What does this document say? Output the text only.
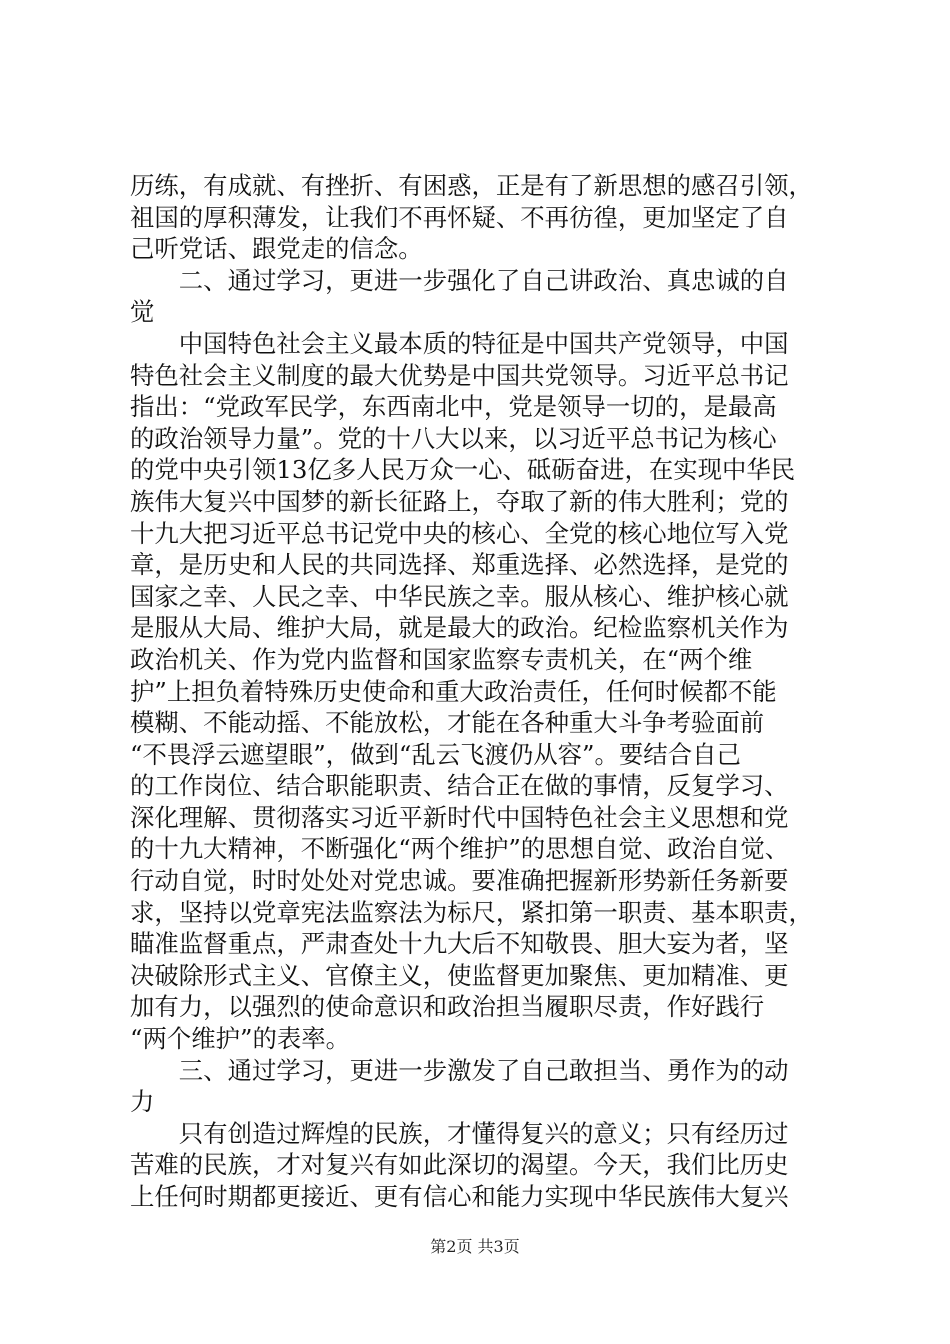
历练，有成就、有挫折、有困惑，正是有了新思想的感召引领，
祖国的厚积薄发，让我们不再怀疑、不再彷徨，更加坚定了自
己听党话、跟党走的信念。
　　二、通过学习，更进一步强化了自己讲政治、真忠诚的自
觉
　　中国特色社会主义最本质的特征是中国共产党领导，中国
特色社会主义制度的最大优势是中国共党领导。习近平总书记
指出：“党政军民学，东西南北中，党是领导一切的，是最高
的政治领导力量”。党的十八大以来，以习近平总书记为核心
的党中央引领13亿多人民万众一心、砥砺奋进，在实现中华民
族伟大复兴中国梦的新长征路上，夺取了新的伟大胜利；党的
十九大把习近平总书记党中央的核心、全党的核心地位写入党
章，是历史和人民的共同选择、郑重选择、必然选择，是党的
国家之幸、人民之幸、中华民族之幸。服从核心、维护核心就
是服从大局、维护大局，就是最大的政治。纪检监察机关作为
政治机关、作为党内监督和国家监察专责机关，在“两个维
护”上担负着特殊历史使命和重大政治责任，任何时候都不能
模糊、不能动摇、不能放松，才能在各种重大斗争考验面前
“不畏浮云遮望眼”，做到“乱云飞渡仍从容”。要结合自己
的工作岗位、结合职能职责、结合正在做的事情，反复学习、
深化理解、贯彻落实习近平新时代中国特色社会主义思想和党
的十九大精神，不断强化“两个维护”的思想自觉、政治自觉、
行动自觉，时时处处对党忠诚。要准确把握新形势新任务新要
求，坚持以党章宪法监察法为标尺，紧扣第一职责、基本职责，
瞄准监督重点，严肃查处十九大后不知敬畏、胆大妄为者，坚
决破除形式主义、官僚主义，使监督更加聚焦、更加精准、更
加有力，以强烈的使命意识和政治担当履职尽责，作好践行
“两个维护”的表率。
　　三、通过学习，更进一步激发了自己敢担当、勇作为的动
力
　　只有创造过辉煌的民族，才懂得复兴的意义；只有经历过
苦难的民族，才对复兴有如此深切的渴望。今天，我们比历史
上任何时期都更接近、更有信心和能力实现中华民族伟大复兴
第2页 共3页
